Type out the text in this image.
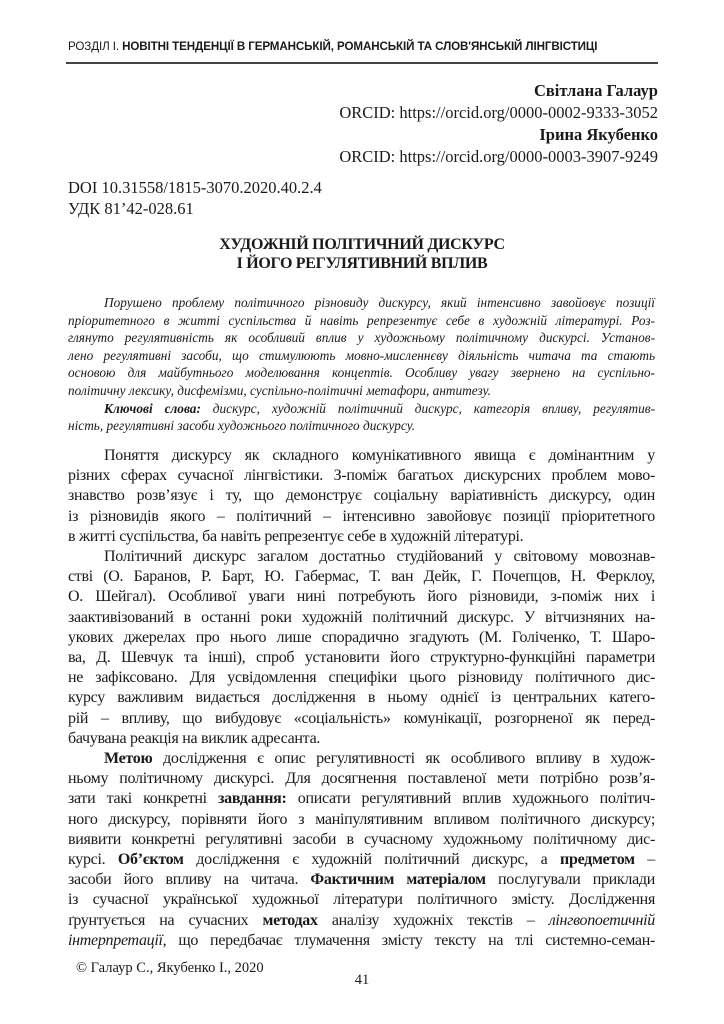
РОЗДІЛ І. НОВІТНІ ТЕНДЕНЦІЇ В ГЕРМАНСЬКІЙ, РОМАНСЬКІЙ ТА СЛОВ'ЯНСЬКІЙ ЛІНГВІСТИЦІ
Світлана Галаур
ORCID: https://orcid.org/0000-0002-9333-3052
Ірина Якубенко
ORCID: https://orcid.org/0000-0003-3907-9249
DOI 10.31558/1815-3070.2020.40.2.4
УДК 81’42-028.61
ХУДОЖНІЙ ПОЛІТИЧНИЙ ДИСКУРС
І ЙОГО РЕГУЛЯТИВНИЙ ВПЛИВ
Порушено проблему політичного різновиду дискурсу, який інтенсивно завойовує позиції
пріоритетного в житті суспільства й навіть репрезентує себе в художній літературі. Роз-
глянуто регулятивність як особливий вплив у художньому політичному дискурсі. Установ-
лено регулятивні засоби, що стимулюють мовно-мисленнєву діяльність читача та стають
основою для майбутнього моделювання концептів. Особливу увагу звернено на суспільно-
політичну лексику, дисфемізми, суспільно-політичні метафори, антитезу.
Ключові слова: дискурс, художній політичний дискурс, категорія впливу, регулятив-
ність, регулятивні засоби художнього політичного дискурсу.
Поняття дискурсу як складного комунікативного явища є домінантним у
різних сферах сучасної лінгвістики. З-поміж багатьох дискурсних проблем мово-
знавство розв’язує і ту, що демонструє соціальну варіативність дискурсу, один
із різновидів якого – політичний – інтенсивно завойовує позиції пріоритетного
в житті суспільства, ба навіть репрезентує себе в художній літературі.
Політичний дискурс загалом достатньо студійований у світовому мовознав-
стві (О. Баранов, Р. Барт, Ю. Габермас, Т. ван Дейк, Г. Почепцов, Н. Ферклоу,
О. Шейгал). Особливої уваги нині потребують його різновиди, з-поміж них і
заактивізований в останні роки художній політичний дискурс. У вітчизняних на-
укових джерелах про нього лише спорадично згадують (М. Голіченко, Т. Шаро-
ва, Д. Шевчук та інші), спроб установити його структурно-функційні параметри
не зафіксовано. Для усвідомлення специфіки цього різновиду політичного дис-
курсу важливим видається дослідження в ньому однієї із центральних катего-
рій – впливу, що вибудовує «соціальність» комунікації, розгорненої як перед-
бачувана реакція на виклик адресанта.
Метою дослідження є опис регулятивності як особливого впливу в худож-
ньому політичному дискурсі. Для досягнення поставленої мети потрібно розв’я-
зати такі конкретні завдання: описати регулятивний вплив художнього політич-
ного дискурсу, порівняти його з маніпулятивним впливом політичного дискурсу;
виявити конкретні регулятивні засоби в сучасному художньому політичному дис-
курсі. Об’єктом дослідження є художній політичний дискурс, а предметом –
засоби його впливу на читача. Фактичним матеріалом послугували приклади
із сучасної української художньої літератури політичного змісту. Дослідження
ґрунтується на сучасних методах аналізу художніх текстів – лінгвопоетичній
інтерпретації, що передбачає тлумачення змісту тексту на тлі системно-семан-
© Галаур С., Якубенко І., 2020
41
